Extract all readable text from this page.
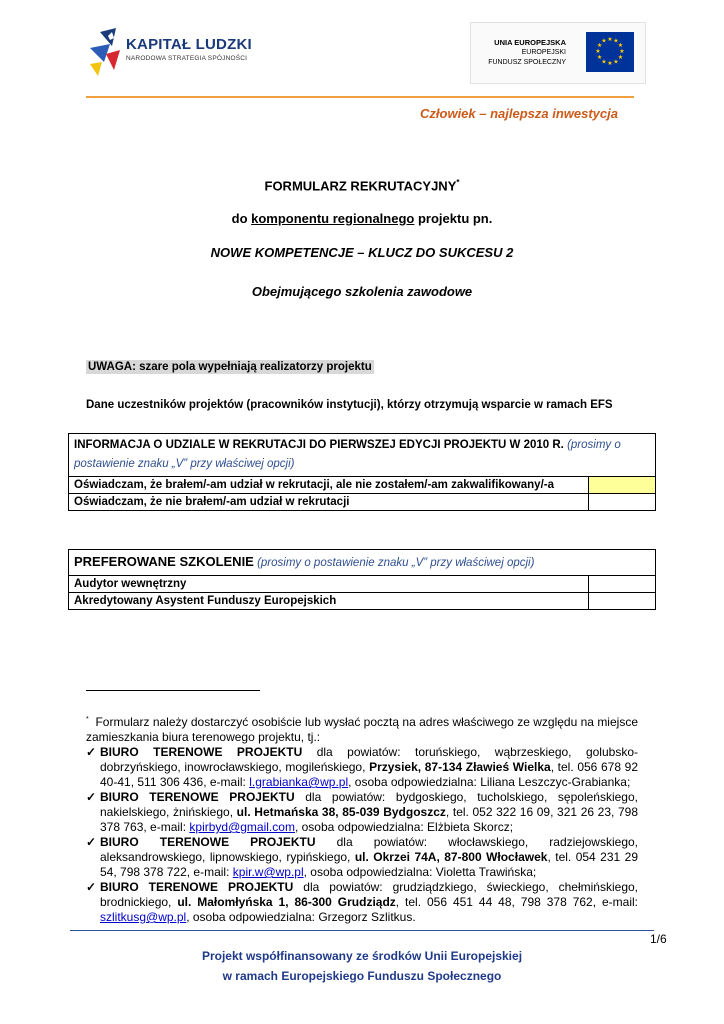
KAPITAŁ LUDZKI
NARODOWA STRATEGIA SPÓJNOŚCI
UNIA EUROPEJSKA
EUROPEJSKI
FUNDUSZ SPOŁECZNY
★ ★
★
★
★
★
★
★
★
★
★
★
Człowiek – najlepsza inwestycja
FORMULARZ REKRUTACYJNY*
do komponentu regionalnego projektu pn.
NOWE KOMPETENCJE – KLUCZ DO SUKCESU 2
Obejmującego szkolenia zawodowe
UWAGA: szare pola wypełniają realizatorzy projektu
Dane uczestników projektów (pracowników instytucji), którzy otrzymują wsparcie w ramach EFS
INFORMACJA O UDZIALE W REKRUTACJI DO PIERWSZEJ EDYCJI PROJEKTU W 2010 R. (prosimy o postawienie znaku „V” przy właściwej opcji)	
Oświadczam, że brałem/-am udział w rekrutacji, ale nie zostałem/-am zakwalifikowany/-a	
Oświadczam, że nie brałem/-am udział w rekrutacji	
PREFEROWANE SZKOLENIE (prosimy o postawienie znaku „V” przy właściwej opcji)	
Audytor wewnętrzny	
Akredytowany Asystent Funduszy Europejskich	
* Formularz należy dostarczyć osobiście lub wysłać pocztą na adres właściwego ze względu na miejsce zamieszkania biura terenowego projektu, tj.:
✓ BIURO TERENOWE PROJEKTU dla powiatów: toruńskiego, wąbrzeskiego, golubsko-dobrzyńskiego, inowrocławskiego, mogileńskiego, Przysiek, 87-134 Zławieś Wielka, tel. 056 678 92 40-41, 511 306 436, e-mail: l.grabianka@wp.pl, osoba odpowiedzialna: Liliana Leszczyc-Grabianka;
✓ BIURO TERENOWE PROJEKTU dla powiatów: bydgoskiego, tucholskiego, sępoleńskiego, nakielskiego, żnińskiego, ul. Hetmańska 38, 85-039 Bydgoszcz, tel. 052 322 16 09, 321 26 23, 798 378 763, e-mail: kpirbyd@gmail.com, osoba odpowiedzialna: Elżbieta Skorcz;
✓ BIURO TERENOWE PROJEKTU dla powiatów: włocławskiego, radziejowskiego, aleksandrowskiego, lipnowskiego, rypińskiego, ul. Okrzei 74A, 87-800 Włocławek, tel. 054 231 29 54, 798 378 722, e-mail: kpir.w@wp.pl, osoba odpowiedzialna: Violetta Trawińska;
✓ BIURO TERENOWE PROJEKTU dla powiatów: grudziądzkiego, świeckiego, chełmińskiego, brodnickiego, ul. Małomłyńska 1, 86-300 Grudziądz, tel. 056 451 44 48, 798 378 762, e-mail: szlitkusg@wp.pl, osoba odpowiedzialna: Grzegorz Szlitkus.
1/6
Projekt współfinansowany ze środków Unii Europejskiej
w ramach Europejskiego Funduszu Społecznego
